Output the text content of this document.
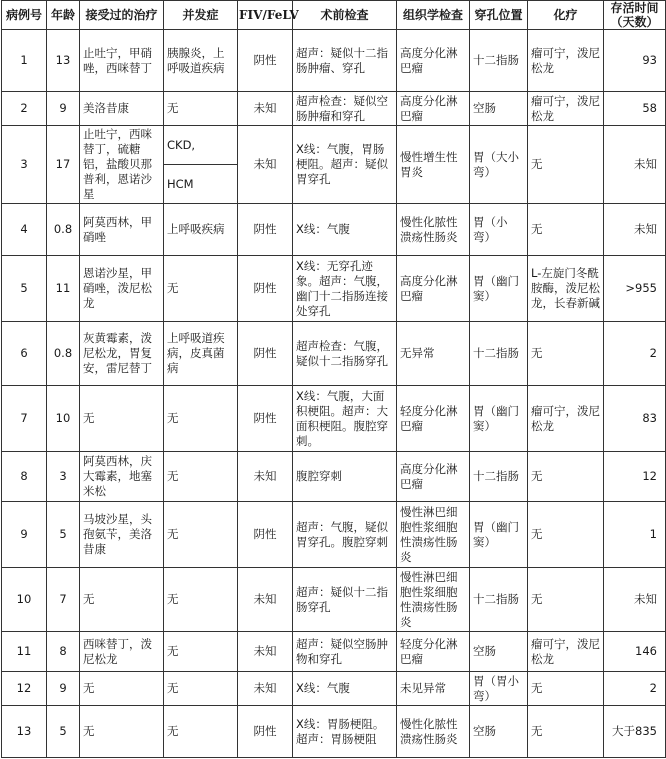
病例号	年龄	接受过的治疗	并发症	FIV/FeLV	术前检查	组织学检查	穿孔位置	化疗	存活时间
（天数）

1	13	止吐宁，甲硝唑，西咪替丁	胰腺炎，上呼吸道疾病	阴性	超声：疑似十二指肠肿瘤、穿孔	高度分化淋巴瘤	十二指肠	瘤可宁，泼尼松龙	93
2	9	美洛昔康	无	未知	超声检查：疑似空肠肿瘤和穿孔	高度分化淋巴瘤	空肠	瘤可宁，泼尼松龙	58
3	17	止吐宁，西咪替丁，硫糖铝，盐酸贝那普利，恩诺沙星	CKD,
HCM	未知	X线：气腹，胃肠梗阻。超声：疑似胃穿孔	慢性增生性胃炎	胃（大小弯）	无	未知
4	0.8	阿莫西林，甲硝唑	上呼吸疾病	阴性	X线：气腹	慢性化脓性溃疡性肠炎	胃（小弯）	无	未知
5	11	恩诺沙星，甲硝唑，泼尼松龙	无	阴性	X线：无穿孔迹象。超声：气腹，幽门十二指肠连接处穿孔	高度分化淋巴瘤	胃（幽门窦）	L-左旋门冬酰胺酶，泼尼松龙，长春新碱	>955
6	0.8	灰黄霉素，泼尼松龙，胃复安，雷尼替丁	上呼吸道疾病，皮真菌病	阴性	超声检查：气腹，疑似十二指肠穿孔	无异常	十二指肠	无	2
7	10	无	无	阴性	X线：气腹，大面积梗阻。超声：大面积梗阻。腹腔穿刺。	轻度分化淋巴瘤	胃（幽门窦）	瘤可宁，泼尼松龙	83
8	3	阿莫西林，庆大霉素，地塞米松	无	未知	腹腔穿刺	高度分化淋巴瘤	十二指肠	无	12
9	5	马坡沙星，头孢氨苄，美洛昔康	无	阴性	超声：气腹，疑似胃穿孔。腹腔穿刺	慢性淋巴细胞性浆细胞性溃疡性肠炎	胃（幽门窦）	无	1
10	7	无	无	未知	超声：疑似十二指肠穿孔	慢性淋巴细胞性浆细胞性溃疡性肠炎	十二指肠	无	未知
11	8	西咪替丁，泼尼松龙	无	未知	超声：疑似空肠肿物和穿孔	轻度分化淋巴瘤	空肠	瘤可宁，泼尼松龙	146
12	9	无	无	未知	X线：气腹	未见异常	胃（胃小弯）	无	2
13	5	无	无	阴性	X线：胃肠梗阻。超声：胃肠梗阻	慢性化脓性溃疡性肠炎	空肠	无	大于835
